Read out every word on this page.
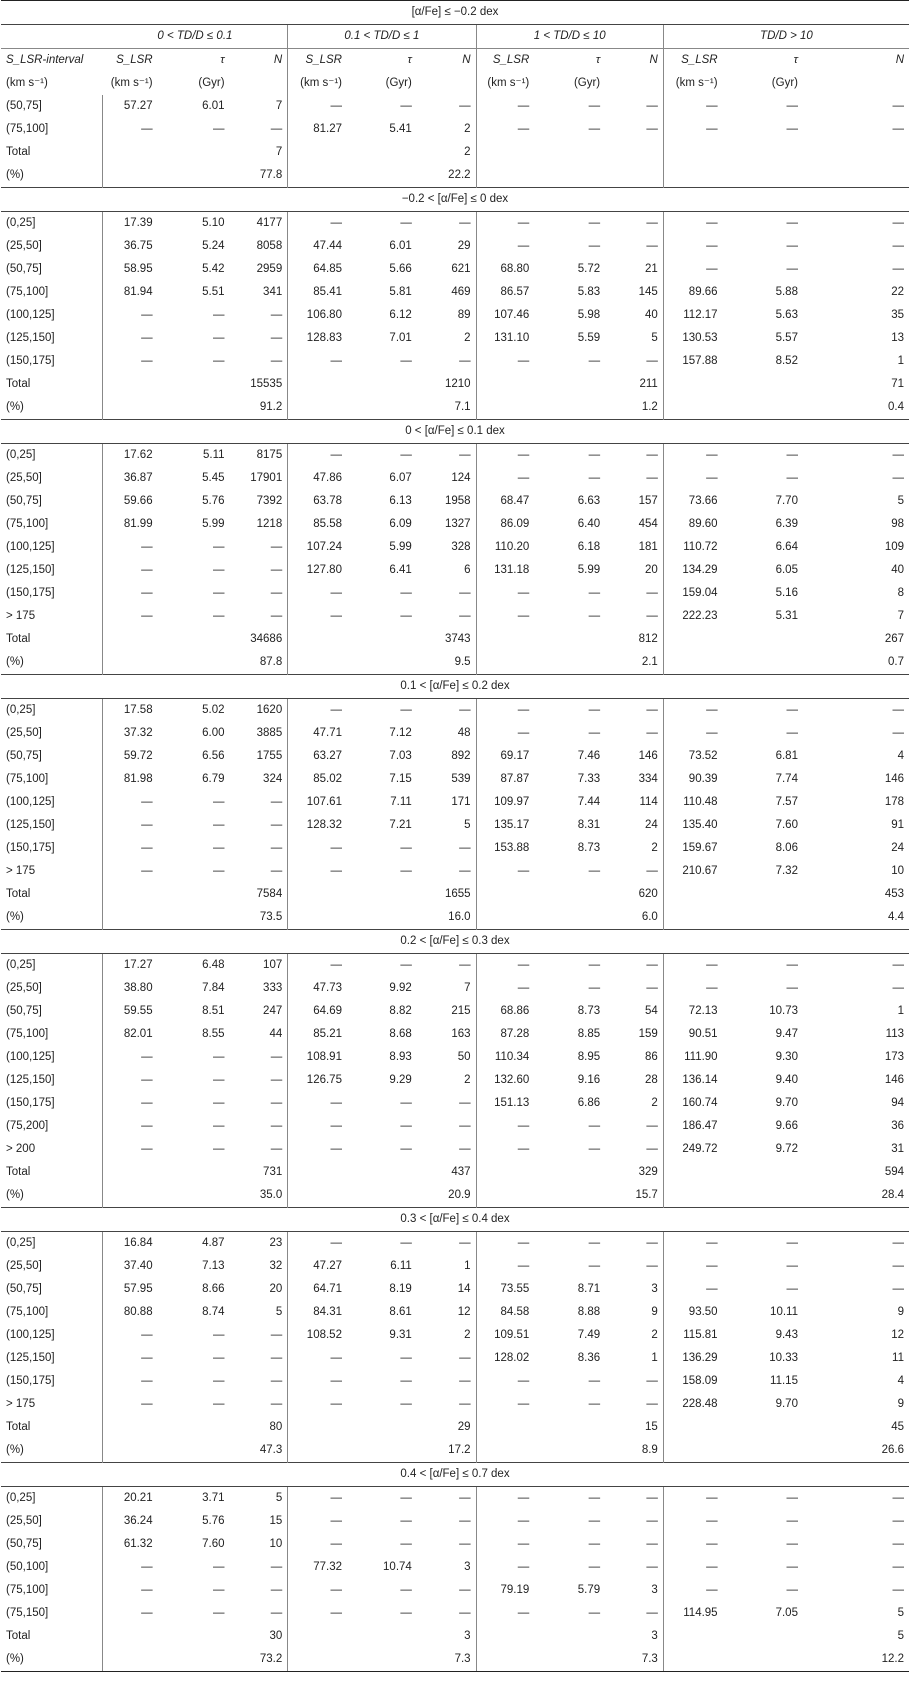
[α/Fe] ≤ −0.2 dex												
	0 < TD/D ≤ 0.1			0.1 < TD/D ≤ 1			1 < TD/D ≤ 10			TD/D > 10		
S_LSR-interval	S_LSR	τ	N	S_LSR	τ	N	S_LSR	τ	N	S_LSR	τ	N
(km s⁻¹)	(km s⁻¹)	(Gyr)		(km s⁻¹)	(Gyr)		(km s⁻¹)	(Gyr)		(km s⁻¹)	(Gyr)	
(50,75]	57.27	6.01	7	—	—	—	—	—	—	—	—	—
(75,100]	—	—	—	81.27	5.41	2	—	—	—	—	—	—
Total			7			2						
(%)			77.8			22.2						
−0.2 < [α/Fe] ≤ 0 dex												
(0,25]	17.39	5.10	4177	—	—	—	—	—	—	—	—	—
(25,50]	36.75	5.24	8058	47.44	6.01	29	—	—	—	—	—	—
(50,75]	58.95	5.42	2959	64.85	5.66	621	68.80	5.72	21	—	—	—
(75,100]	81.94	5.51	341	85.41	5.81	469	86.57	5.83	145	89.66	5.88	22
(100,125]	—	—	—	106.80	6.12	89	107.46	5.98	40	112.17	5.63	35
(125,150]	—	—	—	128.83	7.01	2	131.10	5.59	5	130.53	5.57	13
(150,175]	—	—	—	—	—	—	—	—	—	157.88	8.52	1
Total			15535			1210			211			71
(%)			91.2			7.1			1.2			0.4
0 < [α/Fe] ≤ 0.1 dex												
(0,25]	17.62	5.11	8175	—	—	—	—	—	—	—	—	—
(25,50]	36.87	5.45	17901	47.86	6.07	124	—	—	—	—	—	—
(50,75]	59.66	5.76	7392	63.78	6.13	1958	68.47	6.63	157	73.66	7.70	5
(75,100]	81.99	5.99	1218	85.58	6.09	1327	86.09	6.40	454	89.60	6.39	98
(100,125]	—	—	—	107.24	5.99	328	110.20	6.18	181	110.72	6.64	109
(125,150]	—	—	—	127.80	6.41	6	131.18	5.99	20	134.29	6.05	40
(150,175]	—	—	—	—	—	—	—	—	—	159.04	5.16	8
> 175	—	—	—	—	—	—	—	—	—	222.23	5.31	7
Total			34686			3743			812			267
(%)			87.8			9.5			2.1			0.7
0.1 < [α/Fe] ≤ 0.2 dex												
(0,25]	17.58	5.02	1620	—	—	—	—	—	—	—	—	—
(25,50]	37.32	6.00	3885	47.71	7.12	48	—	—	—	—	—	—
(50,75]	59.72	6.56	1755	63.27	7.03	892	69.17	7.46	146	73.52	6.81	4
(75,100]	81.98	6.79	324	85.02	7.15	539	87.87	7.33	334	90.39	7.74	146
(100,125]	—	—	—	107.61	7.11	171	109.97	7.44	114	110.48	7.57	178
(125,150]	—	—	—	128.32	7.21	5	135.17	8.31	24	135.40	7.60	91
(150,175]	—	—	—	—	—	—	153.88	8.73	2	159.67	8.06	24
> 175	—	—	—	—	—	—	—	—	—	210.67	7.32	10
Total			7584			1655			620			453
(%)			73.5			16.0			6.0			4.4
0.2 < [α/Fe] ≤ 0.3 dex												
(0,25]	17.27	6.48	107	—	—	—	—	—	—	—	—	—
(25,50]	38.80	7.84	333	47.73	9.92	7	—	—	—	—	—	—
(50,75]	59.55	8.51	247	64.69	8.82	215	68.86	8.73	54	72.13	10.73	1
(75,100]	82.01	8.55	44	85.21	8.68	163	87.28	8.85	159	90.51	9.47	113
(100,125]	—	—	—	108.91	8.93	50	110.34	8.95	86	111.90	9.30	173
(125,150]	—	—	—	126.75	9.29	2	132.60	9.16	28	136.14	9.40	146
(150,175]	—	—	—	—	—	—	151.13	6.86	2	160.74	9.70	94
(75,200]	—	—	—	—	—	—	—	—	—	186.47	9.66	36
> 200	—	—	—	—	—	—	—	—	—	249.72	9.72	31
Total			731			437			329			594
(%)			35.0			20.9			15.7			28.4
0.3 < [α/Fe] ≤ 0.4 dex												
(0,25]	16.84	4.87	23	—	—	—	—	—	—	—	—	—
(25,50]	37.40	7.13	32	47.27	6.11	1	—	—	—	—	—	—
(50,75]	57.95	8.66	20	64.71	8.19	14	73.55	8.71	3	—	—	—
(75,100]	80.88	8.74	5	84.31	8.61	12	84.58	8.88	9	93.50	10.11	9
(100,125]	—	—	—	108.52	9.31	2	109.51	7.49	2	115.81	9.43	12
(125,150]	—	—	—	—	—	—	128.02	8.36	1	136.29	10.33	11
(150,175]	—	—	—	—	—	—	—	—	—	158.09	11.15	4
> 175	—	—	—	—	—	—	—	—	—	228.48	9.70	9
Total			80			29			15			45
(%)			47.3			17.2			8.9			26.6
0.4 < [α/Fe] ≤ 0.7 dex												
(0,25]	20.21	3.71	5	—	—	—	—	—	—	—	—	—
(25,50]	36.24	5.76	15	—	—	—	—	—	—	—	—	—
(50,75]	61.32	7.60	10	—	—	—	—	—	—	—	—	—
(50,100]	—	—	—	77.32	10.74	3	—	—	—	—	—	—
(75,100]	—	—	—	—	—	—	79.19	5.79	3	—	—	—
(75,150]	—	—	—	—	—	—	—	—	—	114.95	7.05	5
Total			30			3			3			5
(%)			73.2			7.3			7.3			12.2
